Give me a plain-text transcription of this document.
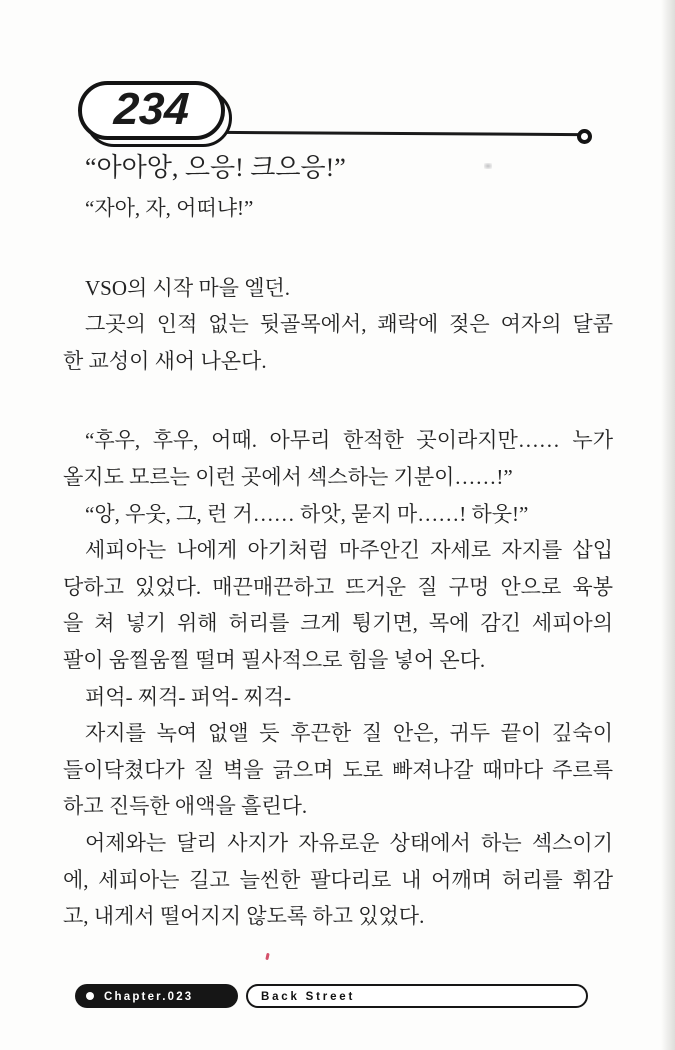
234
“아아앙, 으응! 크으응!”
“자아, 자, 어떠냐!”
VSO의 시작 마을 엘던.
그곳의 인적 없는 뒷골목에서, 쾌락에 젖은 여자의 달콤
한 교성이 새어 나온다.
“후우, 후우, 어때. 아무리 한적한 곳이라지만…… 누가
올지도 모르는 이런 곳에서 섹스하는 기분이……!”
“앙, 우웃, 그, 런 거…… 하앗, 묻지 마……! 하웃!”
세피아는 나에게 아기처럼 마주안긴 자세로 자지를 삽입
당하고 있었다. 매끈매끈하고 뜨거운 질 구멍 안으로 육봉
을 쳐 넣기 위해 허리를 크게 튕기면, 목에 감긴 세피아의
팔이 움찔움찔 떨며 필사적으로 힘을 넣어 온다.
퍼억- 찌걱- 퍼억- 찌걱-
자지를 녹여 없앨 듯 후끈한 질 안은, 귀두 끝이 깊숙이
들이닥쳤다가 질 벽을 긁으며 도로 빠져나갈 때마다 주르륵
하고 진득한 애액을 흘린다.
어제와는 달리 사지가 자유로운 상태에서 하는 섹스이기
에, 세피아는 길고 늘씬한 팔다리로 내 어깨며 허리를 휘감
고, 내게서 떨어지지 않도록 하고 있었다.
Chapter.023	Back Street
